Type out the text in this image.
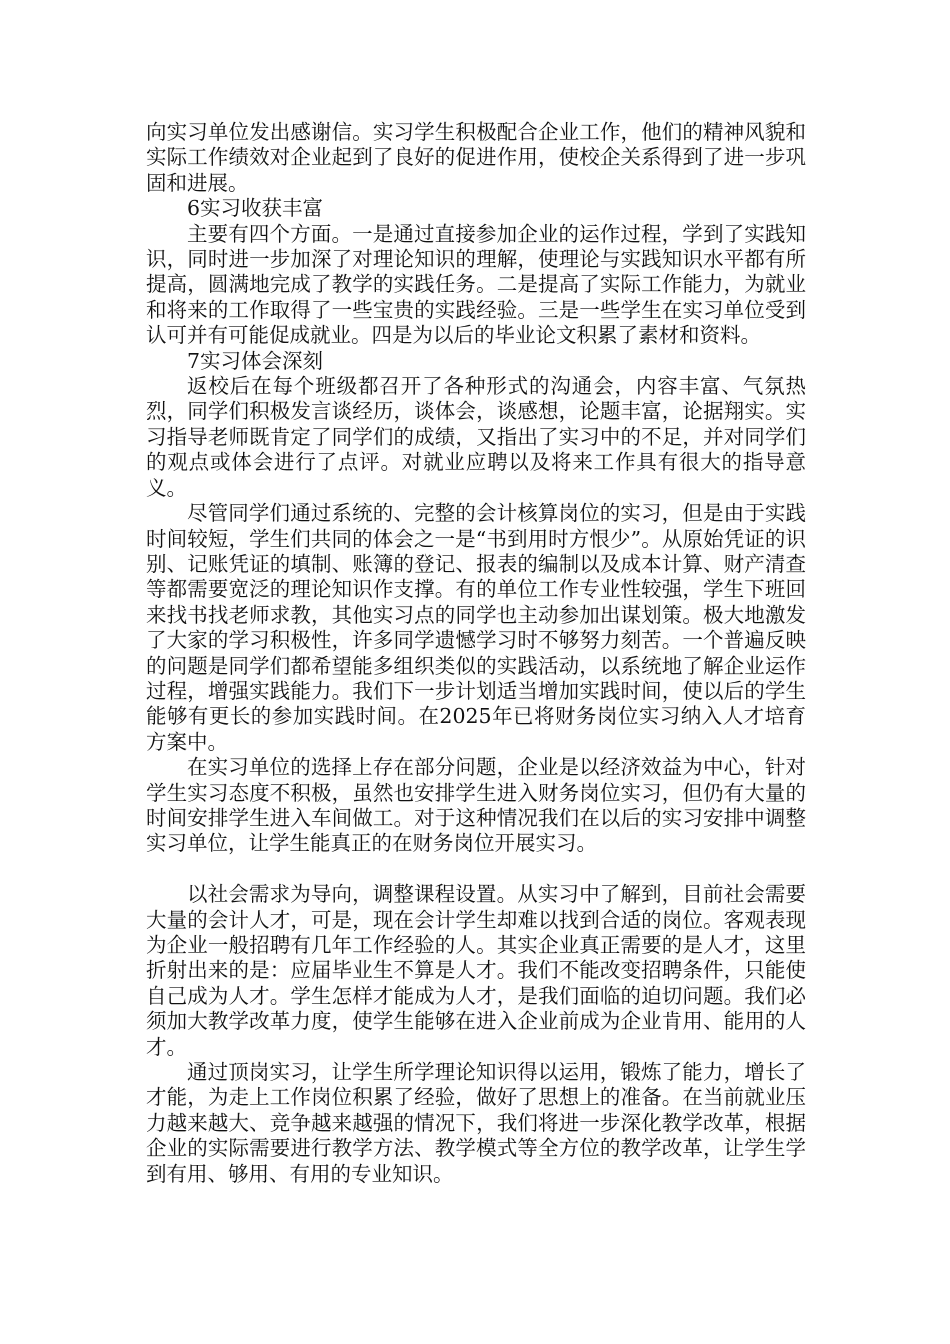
向实习单位发出感谢信。实习学生积极配合企业工作，他们的精神风貌和实际工作绩效对企业起到了良好的促进作用，使校企关系得到了进一步巩固和进展。

6实习收获丰富

主要有四个方面。一是通过直接参加企业的运作过程，学到了实践知识，同时进一步加深了对理论知识的理解，使理论与实践知识水平都有所提高，圆满地完成了教学的实践任务。二是提高了实际工作能力，为就业和将来的工作取得了一些宝贵的实践经验。三是一些学生在实习单位受到认可并有可能促成就业。四是为以后的毕业论文积累了素材和资料。

7实习体会深刻

返校后在每个班级都召开了各种形式的沟通会，内容丰富、气氛热烈，同学们积极发言谈经历，谈体会，谈感想，论题丰富，论据翔实。实习指导老师既肯定了同学们的成绩，又指出了实习中的不足，并对同学们的观点或体会进行了点评。对就业应聘以及将来工作具有很大的指导意义。

尽管同学们通过系统的、完整的会计核算岗位的实习，但是由于实践时间较短，学生们共同的体会之一是“书到用时方恨少”。从原始凭证的识别、记账凭证的填制、账簿的登记、报表的编制以及成本计算、财产清查等都需要宽泛的理论知识作支撑。有的单位工作专业性较强，学生下班回来找书找老师求教，其他实习点的同学也主动参加出谋划策。极大地激发了大家的学习积极性，许多同学遗憾学习时不够努力刻苦。一个普遍反映的问题是同学们都希望能多组织类似的实践活动，以系统地了解企业运作过程，增强实践能力。我们下一步计划适当增加实践时间，使以后的学生能够有更长的参加实践时间。在2025年已将财务岗位实习纳入人才培育方案中。

在实习单位的选择上存在部分问题，企业是以经济效益为中心，针对学生实习态度不积极，虽然也安排学生进入财务岗位实习，但仍有大量的时间安排学生进入车间做工。对于这种情况我们在以后的实习安排中调整实习单位，让学生能真正的在财务岗位开展实习。

以社会需求为导向，调整课程设置。从实习中了解到，目前社会需要大量的会计人才，可是，现在会计学生却难以找到合适的岗位。客观表现为企业一般招聘有几年工作经验的人。其实企业真正需要的是人才，这里折射出来的是：应届毕业生不算是人才。我们不能改变招聘条件，只能使自己成为人才。学生怎样才能成为人才，是我们面临的迫切问题。我们必须加大教学改革力度，使学生能够在进入企业前成为企业肯用、能用的人才。

通过顶岗实习，让学生所学理论知识得以运用，锻炼了能力，增长了才能，为走上工作岗位积累了经验，做好了思想上的准备。在当前就业压力越来越大、竞争越来越强的情况下，我们将进一步深化教学改革，根据企业的实际需要进行教学方法、教学模式等全方位的教学改革，让学生学到有用、够用、有用的专业知识。
